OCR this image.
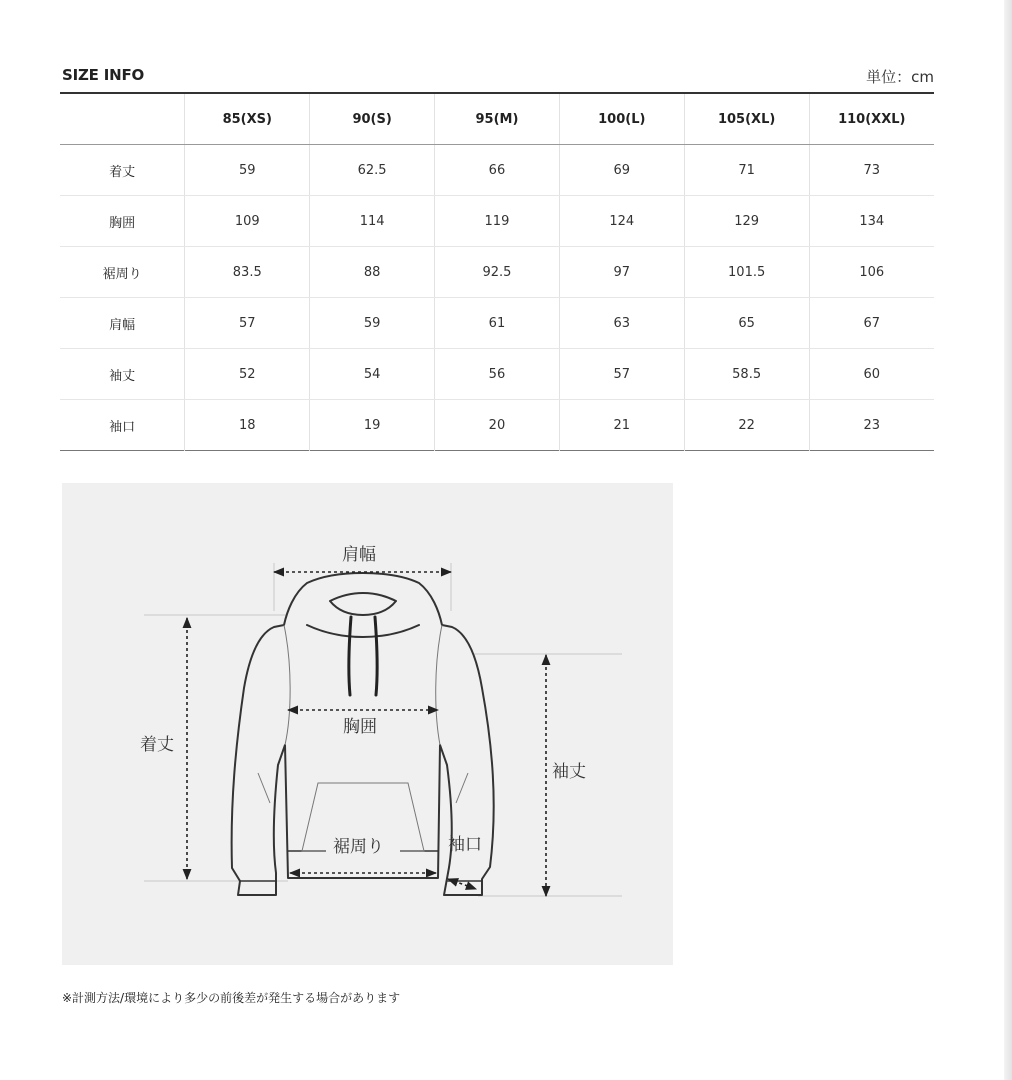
SIZE INFO	単位：cm
	85(XS)	90(S)	95(M)	100(L)	105(XL)	110(XXL)
着丈	59	62.5	66	69	71	73
胸囲	109	114	119	124	129	134
裾周り	83.5	88	92.5	97	101.5	106
肩幅	57	59	61	63	65	67
袖丈	52	54	56	57	58.5	60
袖口	18	19	20	21	22	23
肩幅
胸囲
着丈
袖丈
裾周り	袖口
※計測方法/環境により多少の前後差が発生する場合があります
